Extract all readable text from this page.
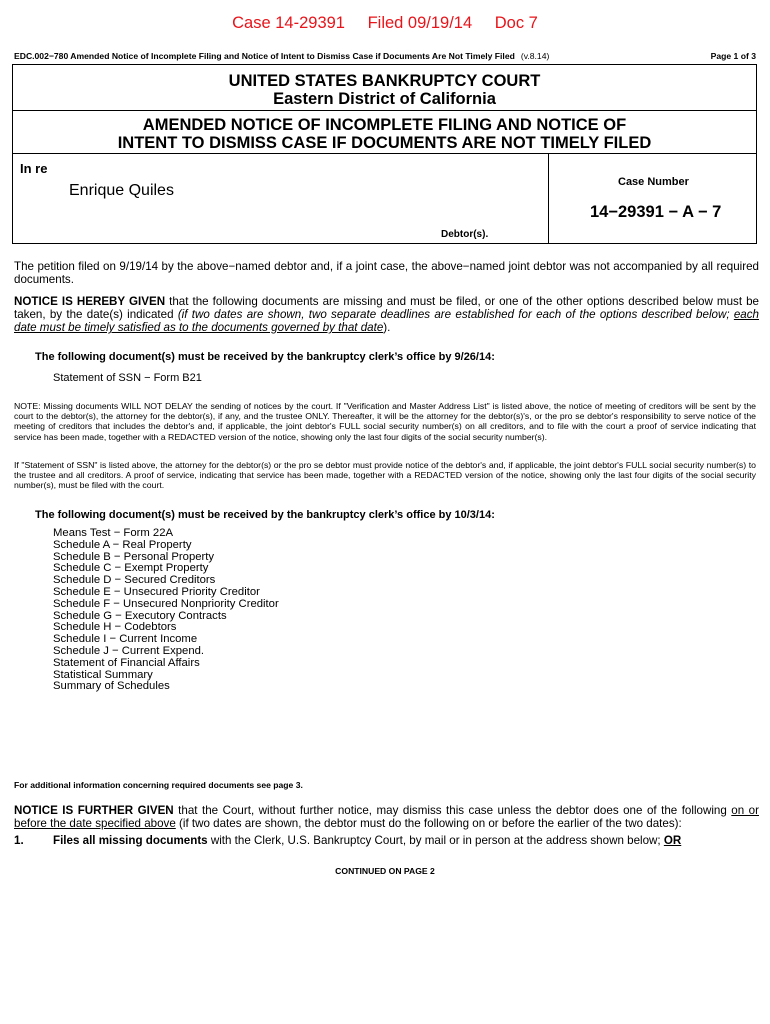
Case 14-29391 Filed 09/19/14 Doc 7
EDC.002−780 Amended Notice of Incomplete Filing and Notice of Intent to Dismiss Case if Documents Are Not Timely Filed (v.8.14)	Page 1 of 3
UNITED STATES BANKRUPTCY COURT
Eastern District of California
AMENDED NOTICE OF INCOMPLETE FILING AND NOTICE OF
INTENT TO DISMISS CASE IF DOCUMENTS ARE NOT TIMELY FILED
In re
Enrique Quiles	Case Number
14−29391 − A − 7
Debtor(s).
The petition filed on 9/19/14 by the above−named debtor and, if a joint case, the above−named joint debtor was not accompanied by all required documents.
NOTICE IS HEREBY GIVEN that the following documents are missing and must be filed, or one of the other options described below must be taken, by the date(s) indicated (if two dates are shown, two separate deadlines are established for each of the options described below; each date must be timely satisfied as to the documents governed by that date).
The following document(s) must be received by the bankruptcy clerk’s office by 9/26/14:
Statement of SSN − Form B21
NOTE: Missing documents WILL NOT DELAY the sending of notices by the court. If "Verification and Master Address List" is listed above, the notice of meeting of creditors will be sent by the court to the debtor(s), the attorney for the debtor(s), if any, and the trustee ONLY. Thereafter, it will be the attorney for the debtor(s)'s, or the pro se debtor's responsibility to serve notice of the meeting of creditors that includes the debtor's and, if applicable, the joint debtor's FULL social security number(s) on all creditors, and to file with the court a proof of service indicating that service has been made, together with a REDACTED version of the notice, showing only the last four digits of the social security number(s).
If "Statement of SSN" is listed above, the attorney for the debtor(s) or the pro se debtor must provide notice of the debtor's and, if applicable, the joint debtor's FULL social security number(s) to the trustee and all creditors. A proof of service, indicating that service has been made, together with a REDACTED version of the notice, showing only the last four digits of the social security number(s), must be filed with the court.
The following document(s) must be received by the bankruptcy clerk’s office by 10/3/14:
Means Test − Form 22A
Schedule A − Real Property
Schedule B − Personal Property
Schedule C − Exempt Property
Schedule D − Secured Creditors
Schedule E − Unsecured Priority Creditor
Schedule F − Unsecured Nonpriority Creditor
Schedule G − Executory Contracts
Schedule H − Codebtors
Schedule I − Current Income
Schedule J − Current Expend.
Statement of Financial Affairs
Statistical Summary
Summary of Schedules
For additional information concerning required documents see page 3.
NOTICE IS FURTHER GIVEN that the Court, without further notice, may dismiss this case unless the debtor does one of the following on or before the date specified above (if two dates are shown, the debtor must do the following on or before the earlier of the two dates):
1.	Files all missing documents with the Clerk, U.S. Bankruptcy Court, by mail or in person at the address shown below; OR
CONTINUED ON PAGE 2
